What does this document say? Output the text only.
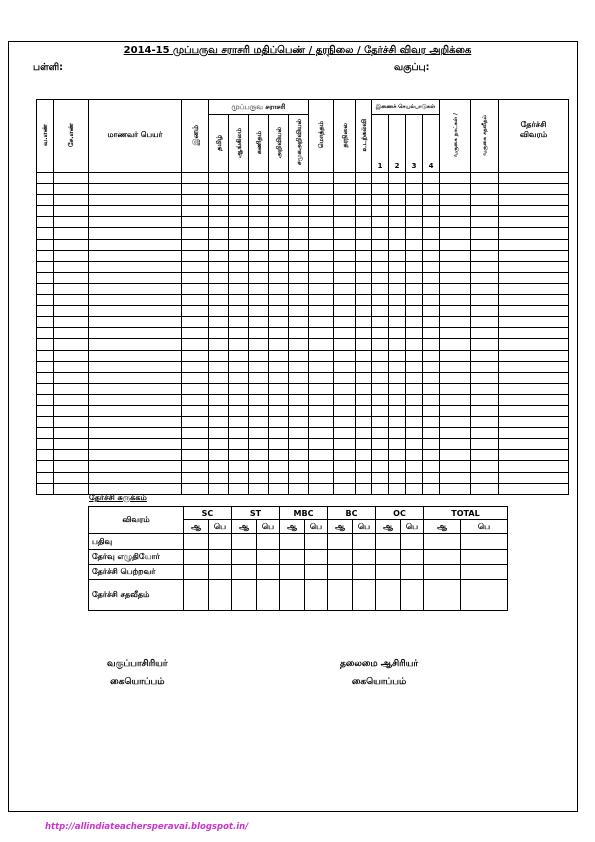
2014-15 முப்பருவ சராசரி மதிப்பெண் / தரநிலை / தேர்ச்சி விவர அறிக்கை
பள்ளி:	வகுப்பு:
வ.எண்	சே.எண்	மாணவர் பெயர்	இனம்	முப்பருவ சராசரி					மொத்தம்	தரநிலை	உடற்கல்வி	இணைச் செயல்பாடுகள்				வருகை நாட்கள் /	வருகை சதவீதம்	தேர்ச்சி விவரம்
				தமிழ்	ஆங்கிலம்	கணிதம்	அறிவியல்	சமூகஅறிவியல்				1	2	3	4			

தேர்ச்சி சுருக்கம்
விவரம்	SC		ST		MBC		BC		OC		TOTAL	
	ஆ	பெ	ஆ	பெ	ஆ	பெ	ஆ	பெ	ஆ	பெ	ஆ	பெ
பதிவு												
தேர்வு எழுதியோர்												
தேர்ச்சி பெற்றவர்												
தேர்ச்சி சதவீதம்												
வகுப்பாசிரியர்
கையொப்பம்
தலைமை ஆசிரியர்
கையொப்பம்
http://allindiateachersperavai.blogspot.in/
